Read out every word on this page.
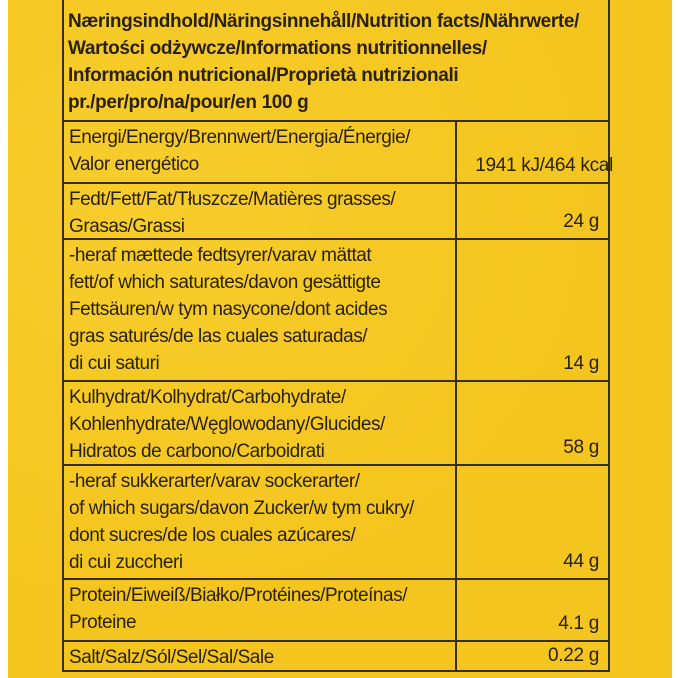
Næringsindhold/Näringsinnehåll/Nutrition facts/Nährwerte/
Wartości odżywcze/Informations nutritionnelles/
Información nutricional/Proprietà nutrizionali
pr./per/pro/na/pour/en 100 g
Energi/Energy/Brennwert/Energia/Énergie/
Valor energético	1941 kJ/464 kcal
Fedt/Fett/Fat/Tłuszcze/Matières grasses/
Grasas/Grassi	24 g
-heraf mættede fedtsyrer/varav mättat
fett/of which saturates/davon gesättigte
Fettsäuren/w tym nasycone/dont acides
gras saturés/de las cuales saturadas/
di cui saturi	14 g
Kulhydrat/Kolhydrat/Carbohydrate/
Kohlenhydrate/Węglowodany/Glucides/
Hidratos de carbono/Carboidrati	58 g
-heraf sukkerarter/varav sockerarter/
of which sugars/davon Zucker/w tym cukry/
dont sucres/de los cuales azúcares/
di cui zuccheri	44 g
Protein/Eiweiß/Białko/Protéines/Proteínas/
Proteine	4.1 g
Salt/Salz/Sól/Sel/Sal/Sale	0.22 g
